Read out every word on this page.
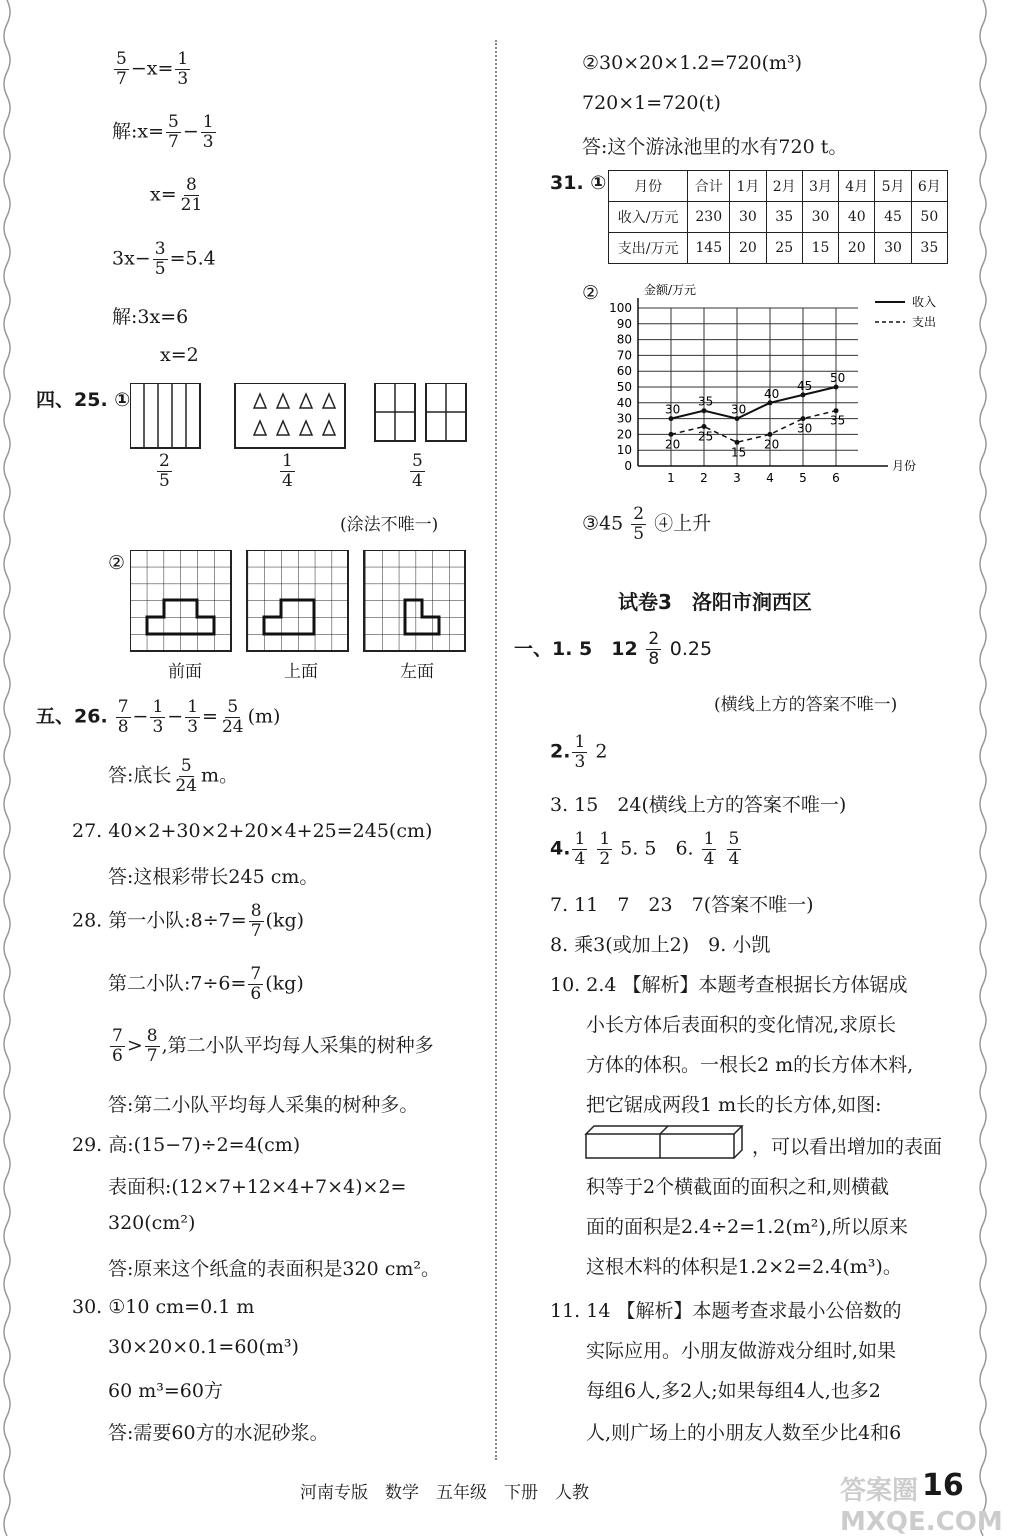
$\frac{5}{7} -x= \frac{1}{3}$
解:x= $\frac{5}{7} - \frac{1}{3}$
$x= \frac{8}{21}$
$3x- \frac{3}{5} =5.4$
解:3x=6
x=2
四、25. ①
$\frac{2}{5}$	$\frac{1}{4}$	$\frac{5}{4}$
(涂法不唯一)
②
前面	上面	左面
五、26. $\frac{7}{8} - \frac{1}{3} - \frac{1}{3} = \frac{5}{24} (m)$
答:底长 $\frac{5}{24}$ m。
27. 40×2+30×2+20×4+25=245(cm)
答:这根彩带长245 cm。
28. 第一小队:8÷7= $\frac{8}{7} (kg)$
第二小队:7÷6= $\frac{7}{6} (kg)$
$\frac{7}{6} > \frac{8}{7}$ ,第二小队平均每人采集的树种多
答:第二小队平均每人采集的树种多。
29. 高:(15−7)÷2=4(cm)
表面积:(12×7+12×4+7×4)×2=
320(cm²)
答:原来这个纸盒的表面积是320 cm²。
30. ①10 cm=0.1 m
30×20×0.1=60(m³)
60 m³=60方
答:需要60方的水泥砂浆。
②30×20×1.2=720(m³)
720×1=720(t)
答:这个游泳池里的水有720 t。
31. ① 月份	合计	1月	2月	3月	4月	5月	6月
收入/万元	230	30	35	30	40	45	50
支出/万元	145	20	25	15	20	30	35
②
0
10
20
30
40
50
60
70
80
90
100
1 2 3 4 5 6
金额/万元
月份
30
35
30
40
45
50
收入
20
25
15
20
30
35
支出
③45 $\frac{2}{5}$ ④上升
试卷3　洛阳市涧西区
一、1. 5　$12 \frac{2}{8} 0.25$
(横线上方的答案不唯一)
2. $\frac{1}{3} 2$
3. 15　24(横线上方的答案不唯一)
4. $\frac{1}{4}$
$\frac{1}{2} 5$. 5　6. $\frac{1}{4}$
$\frac{5}{4}$
7. 11　7　23　7(答案不唯一)
8. 乘3(或加上2)　9. 小凯
10. 2.4 【解析】本题考查根据长方体锯成
小长方体后表面积的变化情况,求原长
方体的体积。一根长2 m的长方体木料,
把它锯成两段1 m长的长方体,如图:
，可以看出增加的表面
积等于2个横截面的面积之和,则横截
面的面积是2.4÷2=1.2(m²),所以原来
这根木料的体积是1.2×2=2.4(m³)。
11. 14 【解析】本题考查求最小公倍数的
实际应用。小朋友做游戏分组时,如果
每组6人,多2人;如果每组4人,也多2
人,则广场上的小朋友人数至少比4和6
河南专版　数学　五年级　下册　人教	答案圈 MXQE.COM
16
